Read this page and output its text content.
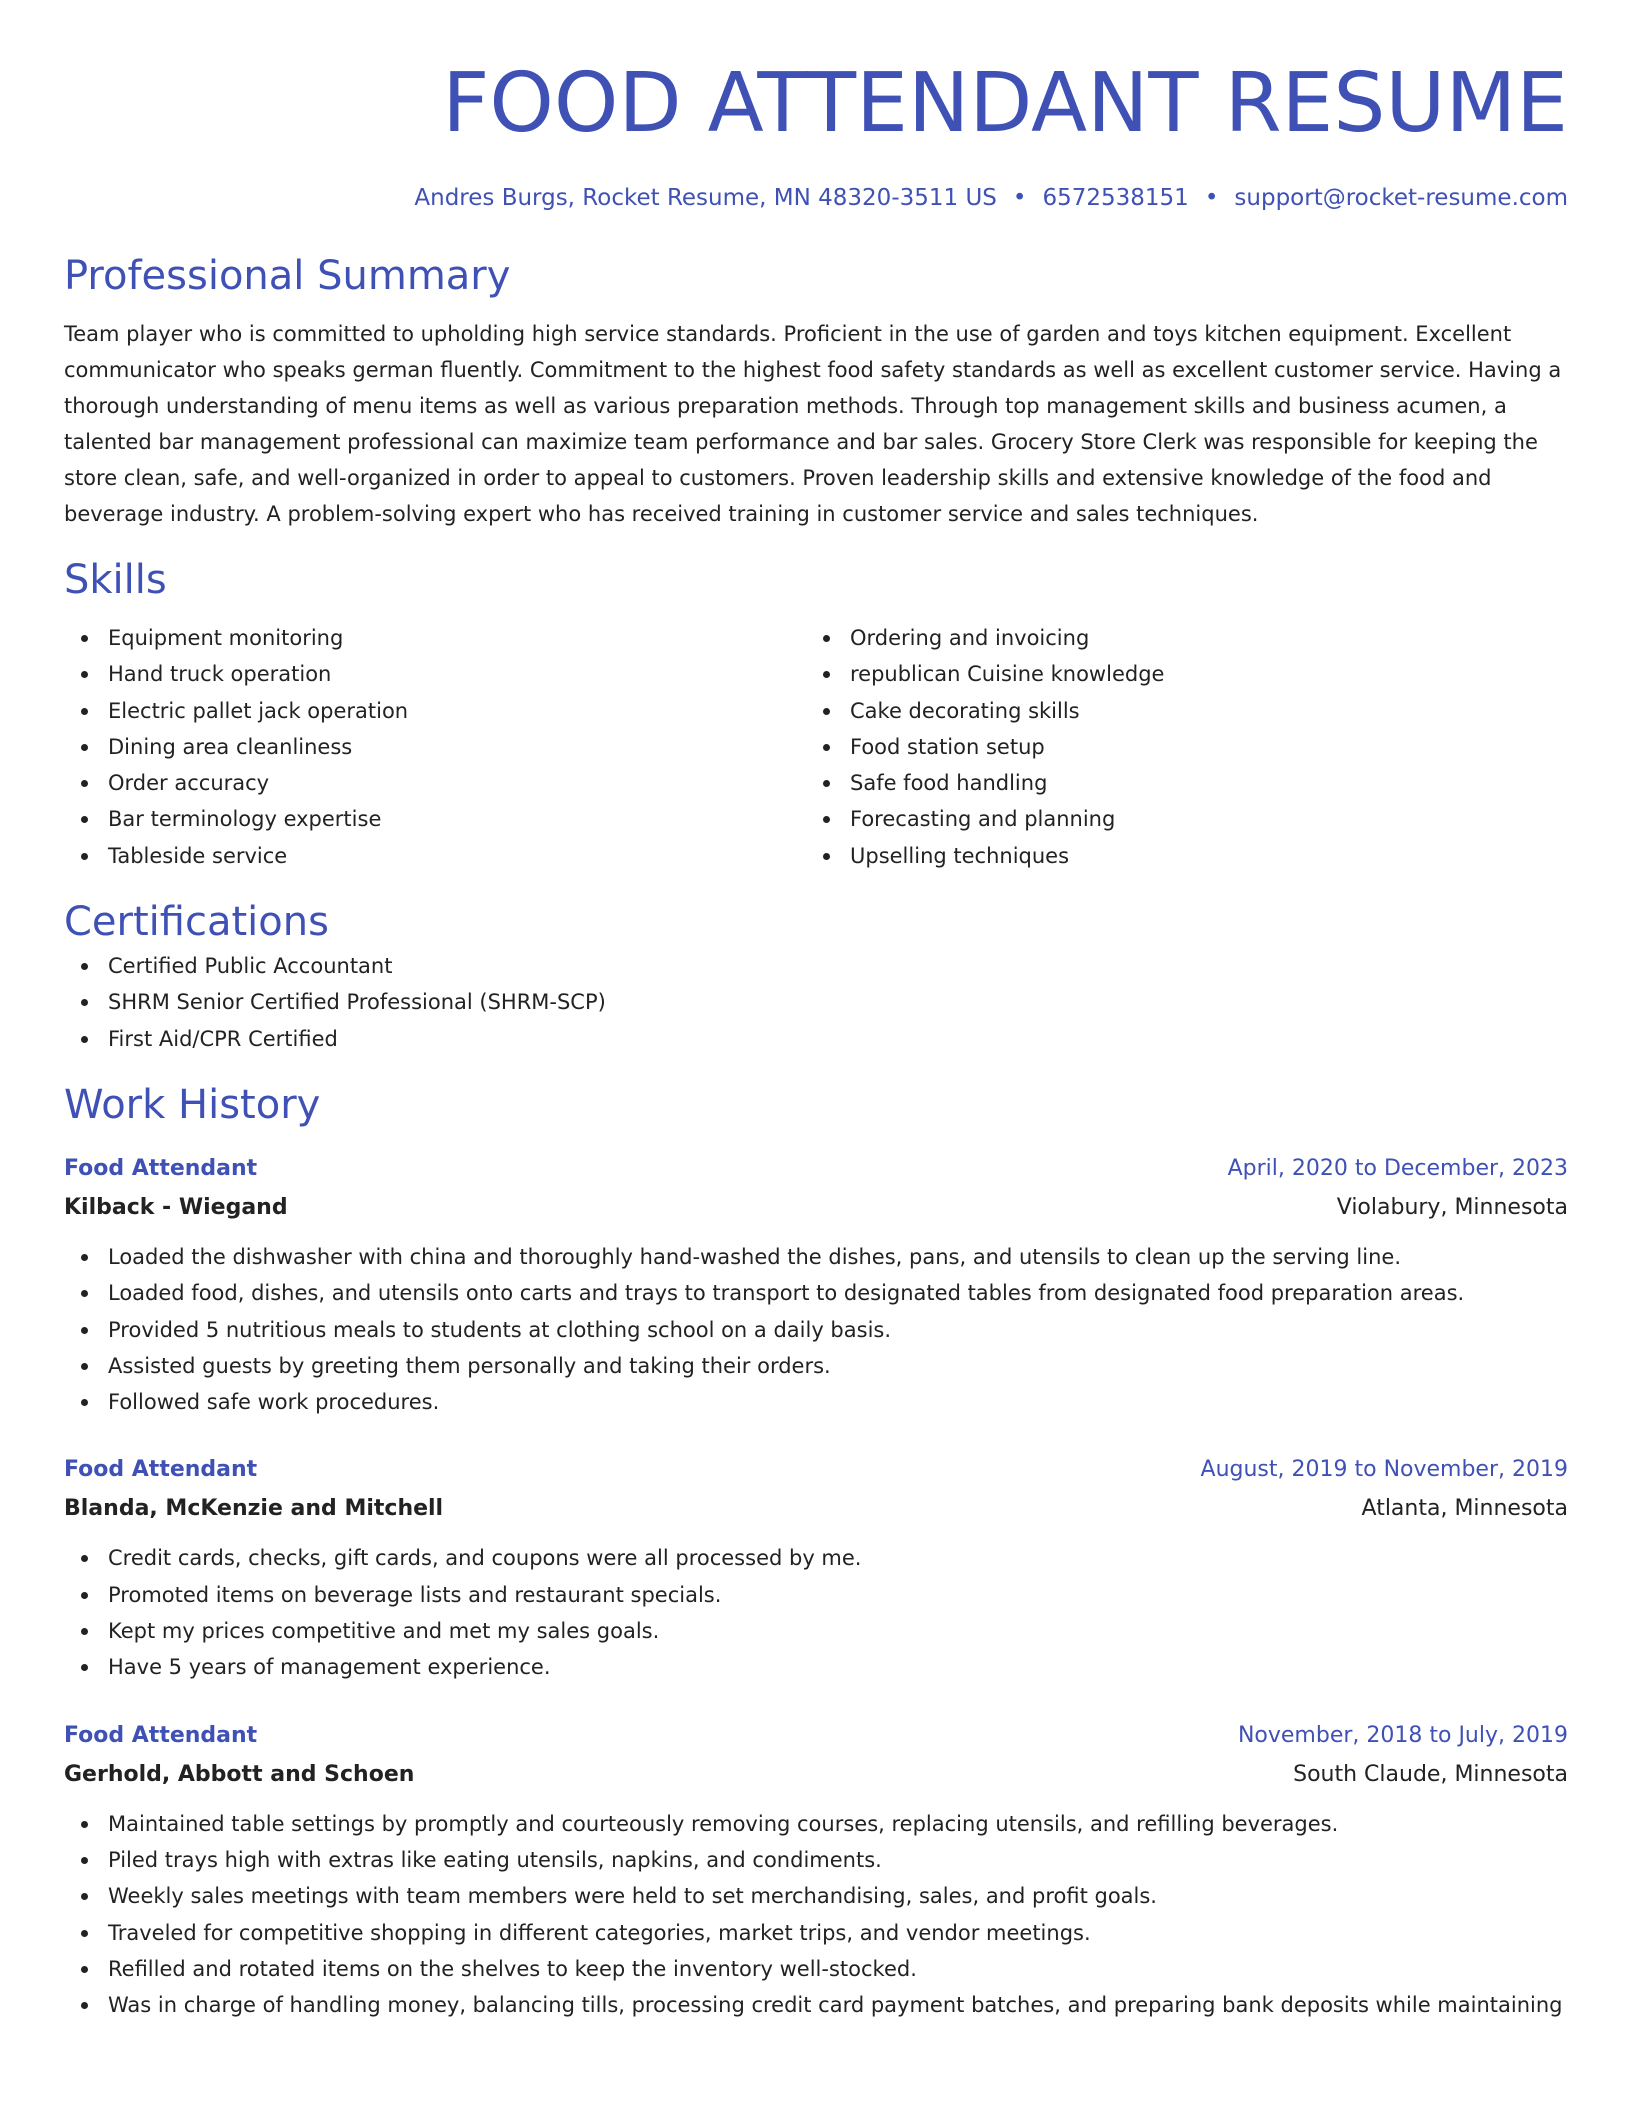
FOOD ATTENDANT RESUME
Andres Burgs, Rocket Resume, MN 48320-3511 US • 6572538151 • support@rocket-resume.com
Professional Summary

Team player who is committed to upholding high service standards. Proficient in the use of garden and toys kitchen equipment. Excellent communicator who speaks german fluently. Commitment to the highest food safety standards as well as excellent customer service. Having a thorough understanding of menu items as well as various preparation methods. Through top management skills and business acumen, a talented bar management professional can maximize team performance and bar sales. Grocery Store Clerk was responsible for keeping the store clean, safe, and well-organized in order to appeal to customers. Proven leadership skills and extensive knowledge of the food and beverage industry. A problem-solving expert who has received training in customer service and sales techniques.

Skills
Equipment monitoring
Hand truck operation
Electric pallet jack operation
Dining area cleanliness
Order accuracy
Bar terminology expertise
Tableside service
Ordering and invoicing
republican Cuisine knowledge
Cake decorating skills
Food station setup
Safe food handling
Forecasting and planning
Upselling techniques
Certifications
Certified Public Accountant
SHRM Senior Certified Professional (SHRM-SCP)
First Aid/CPR Certified
Work History
Food Attendant	April, 2020 to December, 2023
Kilback - Wiegand	Violabury, Minnesota
Loaded the dishwasher with china and thoroughly hand-washed the dishes, pans, and utensils to clean up the serving line.
Loaded food, dishes, and utensils onto carts and trays to transport to designated tables from designated food preparation areas.
Provided 5 nutritious meals to students at clothing school on a daily basis.
Assisted guests by greeting them personally and taking their orders.
Followed safe work procedures.
Food Attendant	August, 2019 to November, 2019
Blanda, McKenzie and Mitchell	Atlanta, Minnesota
Credit cards, checks, gift cards, and coupons were all processed by me.
Promoted items on beverage lists and restaurant specials.
Kept my prices competitive and met my sales goals.
Have 5 years of management experience.
Food Attendant	November, 2018 to July, 2019
Gerhold, Abbott and Schoen	South Claude, Minnesota
Maintained table settings by promptly and courteously removing courses, replacing utensils, and refilling beverages.
Piled trays high with extras like eating utensils, napkins, and condiments.
Weekly sales meetings with team members were held to set merchandising, sales, and profit goals.
Traveled for competitive shopping in different categories, market trips, and vendor meetings.
Refilled and rotated items on the shelves to keep the inventory well-stocked.
Was in charge of handling money, balancing tills, processing credit card payment batches, and preparing bank deposits while maintaining
